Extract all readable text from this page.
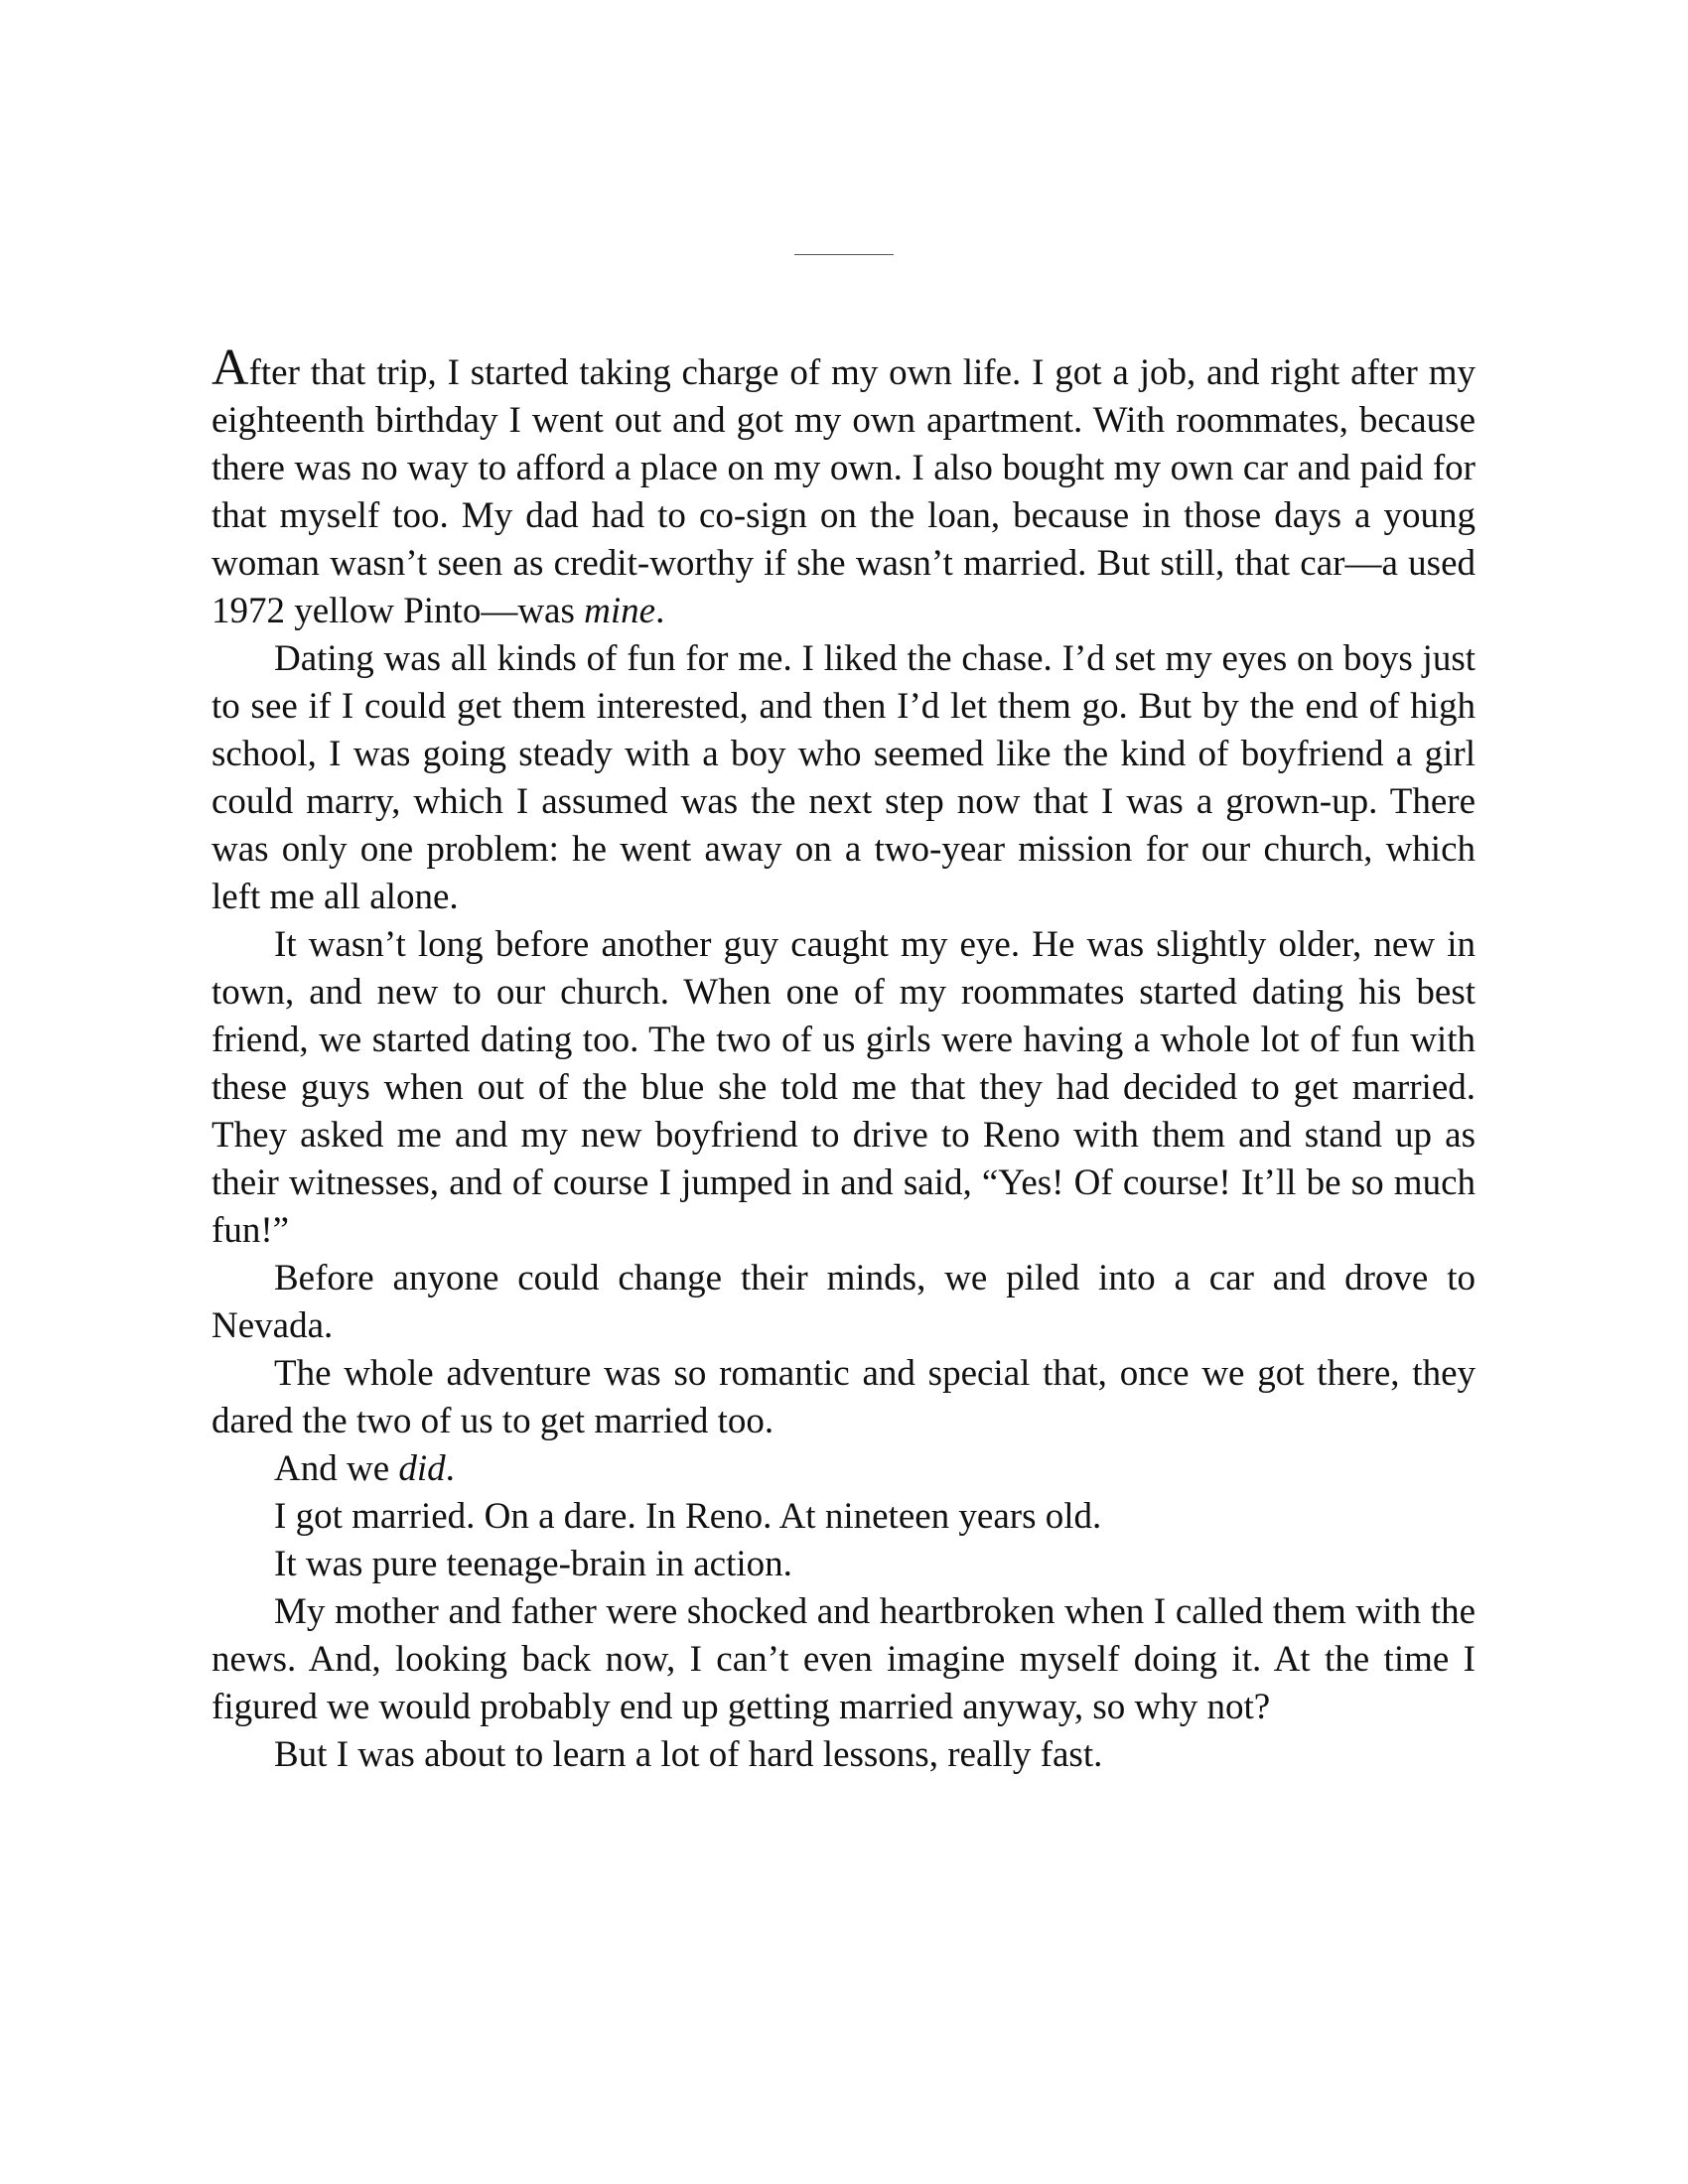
After that trip, I started taking charge of my own life. I got a job, and right after my eighteenth birthday I went out and got my own apartment. With roommates, because there was no way to afford a place on my own. I also bought my own car and paid for that myself too. My dad had to co-sign on the loan, because in those days a young woman wasn’t seen as credit-worthy if she wasn’t married. But still, that car—a used 1972 yellow Pinto—was mine.

Dating was all kinds of fun for me. I liked the chase. I’d set my eyes on boys just to see if I could get them interested, and then I’d let them go. But by the end of high school, I was going steady with a boy who seemed like the kind of boyfriend a girl could marry, which I assumed was the next step now that I was a grown-up. There was only one problem: he went away on a two-year mission for our church, which left me all alone.

It wasn’t long before another guy caught my eye. He was slightly older, new in town, and new to our church. When one of my roommates started dating his best friend, we started dating too. The two of us girls were having a whole lot of fun with these guys when out of the blue she told me that they had decided to get married. They asked me and my new boyfriend to drive to Reno with them and stand up as their witnesses, and of course I jumped in and said, “Yes! Of course! It’ll be so much fun!”

Before anyone could change their minds, we piled into a car and drove to Nevada.

The whole adventure was so romantic and special that, once we got there, they dared the two of us to get married too.

And we did.

I got married. On a dare. In Reno. At nineteen years old.

It was pure teenage-brain in action.

My mother and father were shocked and heartbroken when I called them with the news. And, looking back now, I can’t even imagine myself doing it. At the time I figured we would probably end up getting married anyway, so why not?

But I was about to learn a lot of hard lessons, really fast.
